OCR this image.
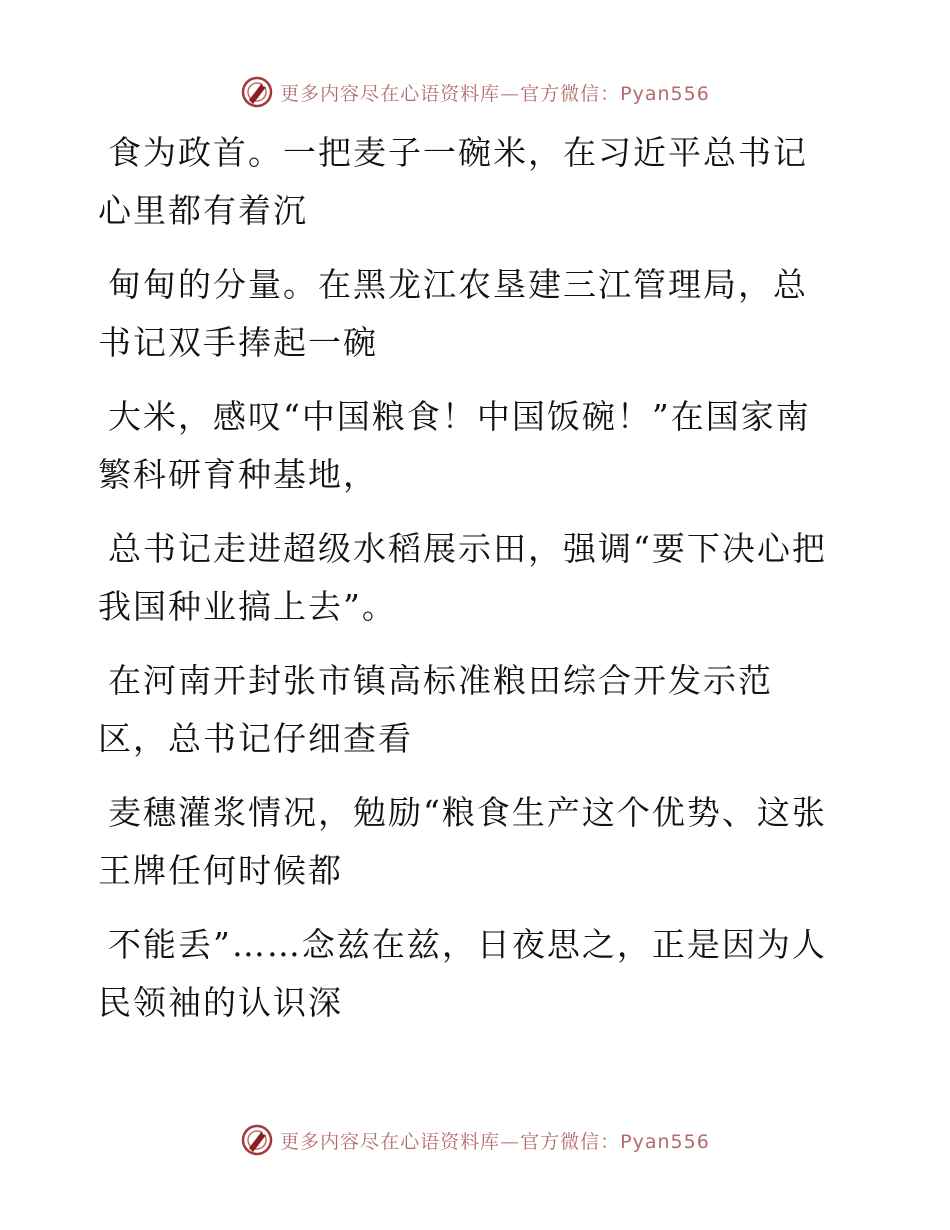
更多内容尽在心语资料库—官方微信：Pyan556

食为政首。一把麦子一碗米，在习近平总书记心里都有着沉

甸甸的分量。在黑龙江农垦建三江管理局，总书记双手捧起一碗

大米，感叹“中国粮食！中国饭碗！”在国家南繁科研育种基地，

总书记走进超级水稻展示田，强调“要下决心把我国种业搞上去”。

在河南开封张市镇高标准粮田综合开发示范区，总书记仔细查看

麦穗灌浆情况，勉励“粮食生产这个优势、这张王牌任何时候都

不能丢”……念兹在兹，日夜思之，正是因为人民领袖的认识深

更多内容尽在心语资料库—官方微信：Pyan556
